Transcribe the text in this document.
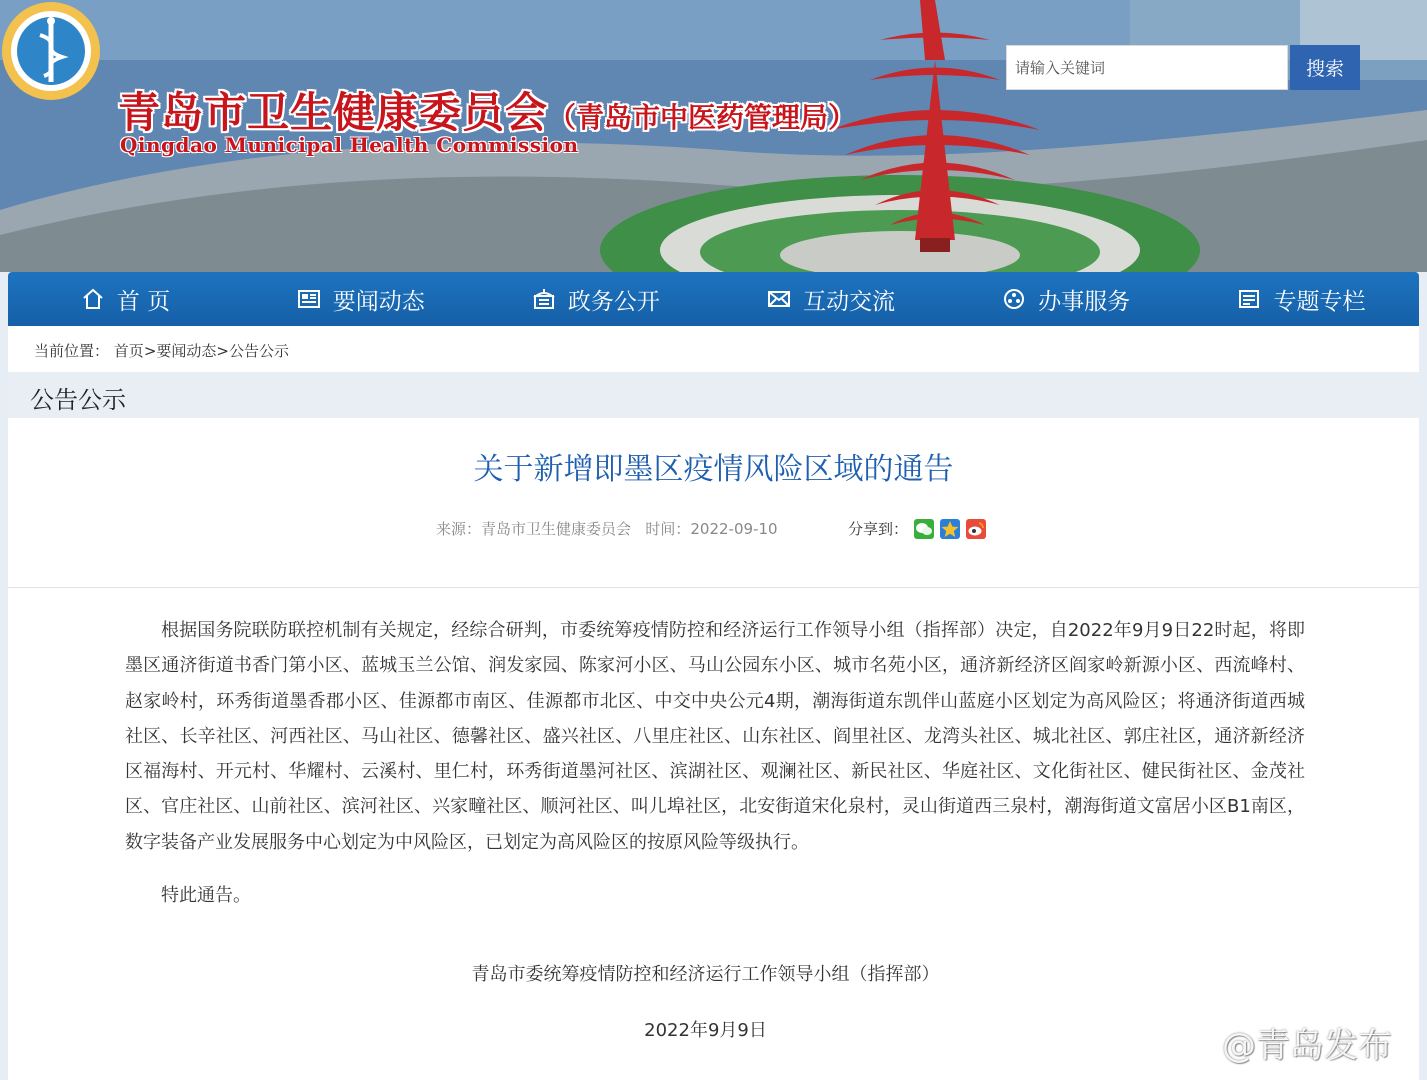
青岛市卫生健康委员会（青岛市中医药管理局）

Qingdao Municipal Health Commission

请输入关键词
搜索
首 页	要闻动态	政务公开	互动交流	办事服务	专题专栏
当前位置： 首页>要闻动态>公告公示
公告公示
关于新增即墨区疫情风险区域的通告
来源：青岛市卫生健康委员会 时间：2022-09-10	分享到：

根据国务院联防联控机制有关规定，经综合研判，市委统筹疫情防控和经济运行工作领导小组（指挥部）决定，自2022年9月9日22时起，将即墨区通济街道书香门第小区、蓝城玉兰公馆、润发家园、陈家河小区、马山公园东小区、城市名苑小区，通济新经济区阎家岭新源小区、西流峰村、赵家岭村，环秀街道墨香郡小区、佳源都市南区、佳源都市北区、中交中央公元4期，潮海街道东凯伴山蓝庭小区划定为高风险区；将通济街道西城社区、长辛社区、河西社区、马山社区、德馨社区、盛兴社区、八里庄社区、山东社区、阎里社区、龙湾头社区、城北社区、郭庄社区，通济新经济区福海村、开元村、华耀村、云溪村、里仁村，环秀街道墨河社区、滨湖社区、观澜社区、新民社区、华庭社区、文化街社区、健民街社区、金茂社区、官庄社区、山前社区、滨河社区、兴家疃社区、顺河社区、叫儿埠社区，北安街道宋化泉村，灵山街道西三泉村，潮海街道文富居小区B1南区，数字装备产业发展服务中心划定为中风险区，已划定为高风险区的按原风险等级执行。

特此通告。

青岛市委统筹疫情防控和经济运行工作领导小组（指挥部）
2022年9月9日	@青岛发布
